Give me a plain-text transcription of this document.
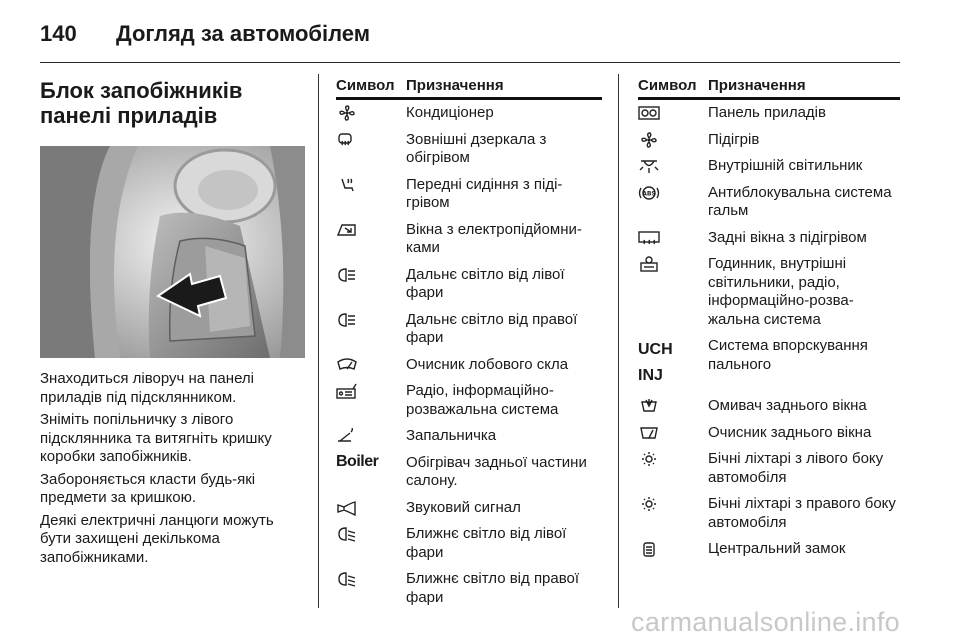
140	Догляд за автомобілем
Блок запобіжників панелі приладів

Знаходиться ліворуч на панелі приладів під підсклянником.

Зніміть попільничку з лівого підсклянника та витягніть кришку коробки запобіжників.

Забороняється класти будь-які предмети за кришкою.

Деякі електричні ланцюги можуть бути захищені декількома запобіжниками.

Символ Призначення
Кондиціонер
Зовнішні дзеркала з обігрівом
Передні сидіння з піді-грівом
Вікна з електропідйомни-ками
Дальнє світло від лівої фари
Дальнє світло від правої фари
Очисник лобового скла
Радіо, інформаційно-розважальна система
Запальничка
Boiler Обігрівач задньої частини салону.
Звуковий сигнал
Ближнє світло від лівої фари
Ближнє світло від правої фари
Символ Призначення
Панель приладів
Підігрів
Внутрішній світильник
ABS	Антиблокувальна система гальм
Задні вікна з підігрівом
Годинник, внутрішні світильники, радіо, інформаційно-розва-жальна система
UCH INJ
Система впорскування пального
Омивач заднього вікна
Очисник заднього вікна
Бічні ліхтарі з лівого боку автомобіля
Бічні ліхтарі з правого боку автомобіля
Центральний замок
carmanualsonline.info
